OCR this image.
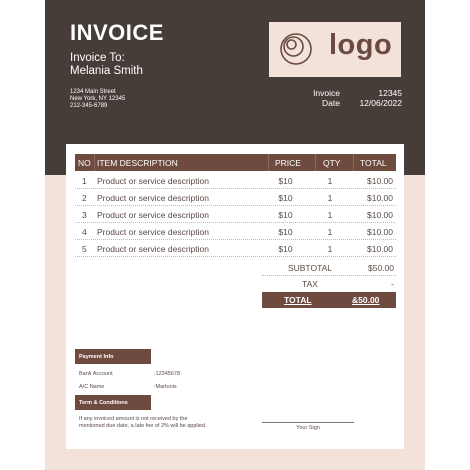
INVOICE
Invoice To:
Melania Smith
1234 Main Street
New York, NY 12345
212-345-6789
logo
Invoice	12345
Date	12/06/2022
NO ITEM DESCRIPTION	PRICE	QTY TOTAL
1 Product or service description	$10	1	$10.00
2 Product or service description	$10	1	$10.00
3 Product or service description	$10	1	$10.00
4 Product or service description	$10	1	$10.00
5 Product or service description	$10	1	$10.00
SUBTOTAL	$50.00
TAX	-
TOTAL	&50.00
Payment Info
Bank Account	:12345678
A/C Name	:Martunis
Term & Conditions
If any invoiced amount is not received by the
mentioned due date, a late fee of 2% will be applied.	Your Sign
